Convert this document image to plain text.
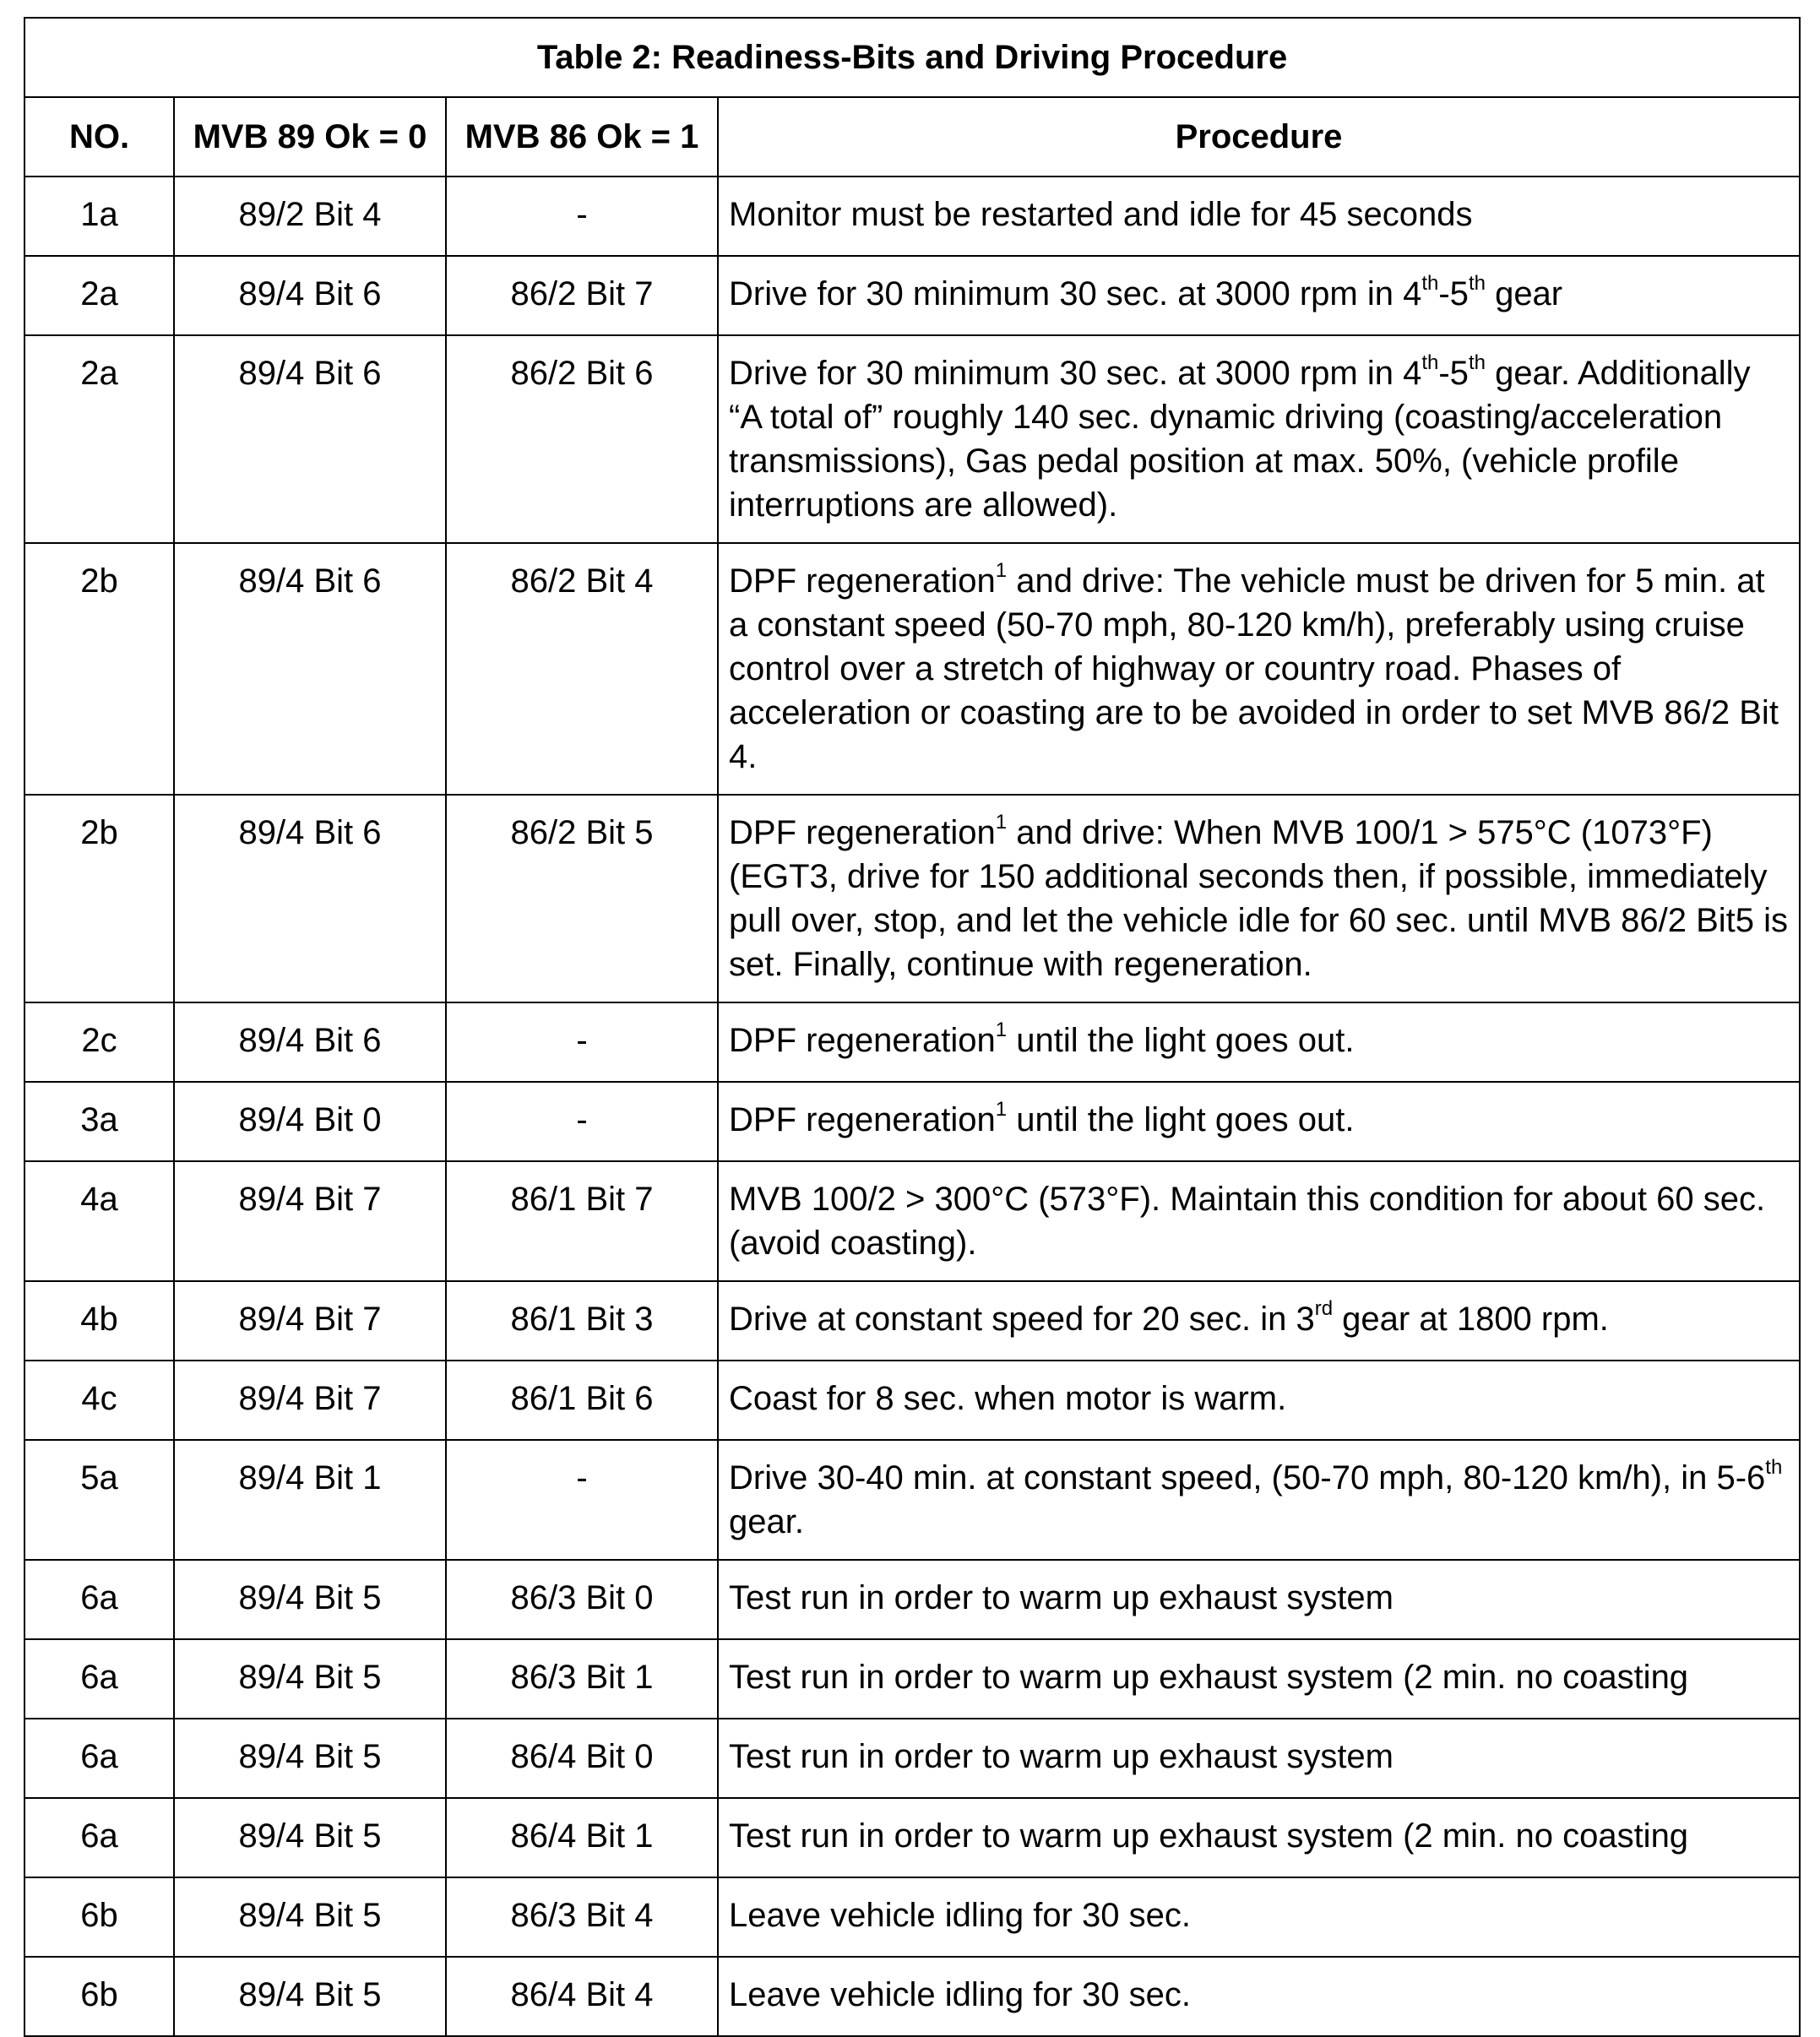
Table 2: Readiness-Bits and Driving Procedure			
NO.	MVB 89 Ok = 0	MVB 86 Ok = 1	Procedure
1a	89/2 Bit 4	-	Monitor must be restarted and idle for 45 seconds
2a	89/4 Bit 6	86/2 Bit 7	Drive for 30 minimum 30 sec. at 3000 rpm in 4th-5th gear
2a	89/4 Bit 6	86/2 Bit 6	Drive for 30 minimum 30 sec. at 3000 rpm in 4th-5th gear. Additionally “A total of” roughly 140 sec. dynamic driving (coasting/acceleration transmissions), Gas pedal position at max. 50%, (vehicle profile interruptions are allowed).
2b	89/4 Bit 6	86/2 Bit 4	DPF regeneration$^1$ and drive: The vehicle must be driven for 5 min. at a constant speed (50-70 mph, 80-120 km/h), preferably using cruise control over a stretch of highway or country road. Phases of acceleration or coasting are to be avoided in order to set MVB 86/2 Bit 4.
2b	89/4 Bit 6	86/2 Bit 5	DPF regeneration$^1$ and drive: When MVB 100/1 > 575°C (1073°F) (EGT3, drive for 150 additional seconds then, if possible, immediately pull over, stop, and let the vehicle idle for 60 sec. until MVB 86/2 Bit5 is set. Finally, continue with regeneration.
2c	89/4 Bit 6	-	DPF regeneration$^1$ until the light goes out.
3a	89/4 Bit 0	-	DPF regeneration$^1$ until the light goes out.
4a	89/4 Bit 7	86/1 Bit 7	MVB 100/2 > 300°C (573°F). Maintain this condition for about 60 sec. (avoid coasting).
4b	89/4 Bit 7	86/1 Bit 3	Drive at constant speed for 20 sec. in 3rd gear at 1800 rpm.
4c	89/4 Bit 7	86/1 Bit 6	Coast for 8 sec. when motor is warm.
5a	89/4 Bit 1	-	Drive 30-40 min. at constant speed, (50-70 mph, 80-120 km/h), in 5-6th gear.
6a	89/4 Bit 5	86/3 Bit 0	Test run in order to warm up exhaust system
6a	89/4 Bit 5	86/3 Bit 1	Test run in order to warm up exhaust system (2 min. no coasting
6a	89/4 Bit 5	86/4 Bit 0	Test run in order to warm up exhaust system
6a	89/4 Bit 5	86/4 Bit 1	Test run in order to warm up exhaust system (2 min. no coasting
6b	89/4 Bit 5	86/3 Bit 4	Leave vehicle idling for 30 sec.
6b	89/4 Bit 5	86/4 Bit 4	Leave vehicle idling for 30 sec.
